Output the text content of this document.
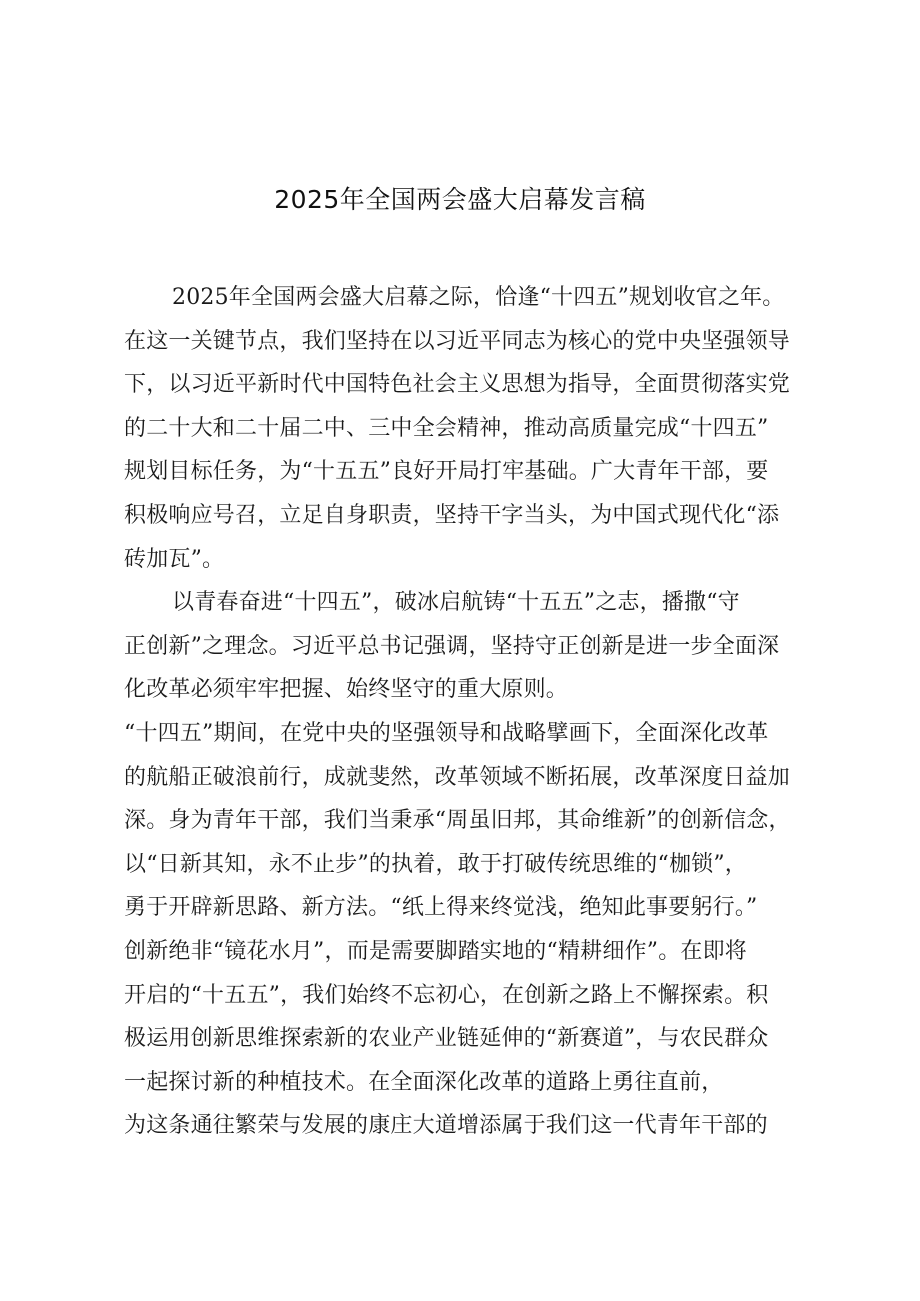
2025年全国两会盛大启幕发言稿
2025年全国两会盛大启幕之际，恰逢“十四五”规划收官之年。
在这一关键节点，我们坚持在以习近平同志为核心的党中央坚强领导
下，以习近平新时代中国特色社会主义思想为指导，全面贯彻落实党
的二十大和二十届二中、三中全会精神，推动高质量完成“十四五”
规划目标任务，为“十五五”良好开局打牢基础。广大青年干部，要
积极响应号召，立足自身职责，坚持干字当头，为中国式现代化“添
砖加瓦”。
以青春奋进“十四五”，破冰启航铸“十五五”之志，播撒“守
正创新”之理念。习近平总书记强调，坚持守正创新是进一步全面深
化改革必须牢牢把握、始终坚守的重大原则。
“十四五”期间，在党中央的坚强领导和战略擘画下，全面深化改革
的航船正破浪前行，成就斐然，改革领域不断拓展，改革深度日益加
深。身为青年干部，我们当秉承“周虽旧邦，其命维新”的创新信念，
以“日新其知，永不止步”的执着，敢于打破传统思维的“枷锁”，
勇于开辟新思路、新方法。“纸上得来终觉浅，绝知此事要躬行。”
创新绝非“镜花水月”，而是需要脚踏实地的“精耕细作”。在即将
开启的“十五五”，我们始终不忘初心，在创新之路上不懈探索。积
极运用创新思维探索新的农业产业链延伸的“新赛道”，与农民群众
一起探讨新的种植技术。在全面深化改革的道路上勇往直前，
为这条通往繁荣与发展的康庄大道增添属于我们这一代青年干部的
